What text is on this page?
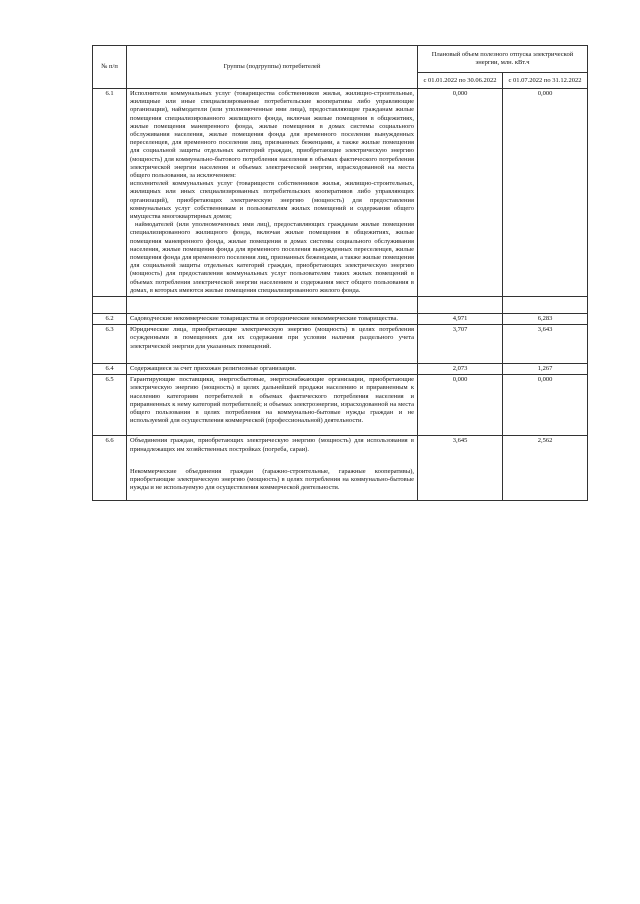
№ п/п	Группы (подгруппы) потребителей	Плановый объем полезного отпуска электрической энергии, млн. кВт.ч	
		с 01.01.2022 по 30.06.2022	с 01.07.2022 по 31.12.2022
6.1	Исполнители коммунальных услуг (товарищества собственников жилья, жилищно-строительные, жилищные или иные специализированные потребительские кооперативы либо управляющие организации), наймодатели (или уполномоченные ими лица), предоставляющие гражданам жилые помещения специализированного жилищного фонда, включая жилые помещения в общежитиях, жилые помещения маневренного фонда, жилые помещения в домах системы социального обслуживания населения, жилые помещения фонда для временного поселения вынужденных переселенцев, для временного поселения лиц, признанных беженцами, а также жилые помещения для социальной защиты отдельных категорий граждан, приобретающие электрическую энергию (мощность) для коммунально-бытового потребления населения в объемах фактического потребления электрической энергии населения и объемах электрической энергии, израсходованной на места общего пользования, за исключением:

исполнителей коммунальных услуг (товариществ собственников жилья, жилищно-строительных, жилищных или иных специализированных потребительских кооперативов либо управляющих организаций), приобретающих электрическую энергию (мощность) для предоставления коммунальных услуг собственникам и пользователям жилых помещений и содержания общего имущества многоквартирных домов;

наймодателей (или уполномоченных ими лиц), предоставляющих гражданам жилые помещения специализированного жилищного фонда, включая жилые помещения в общежитиях, жилые помещения маневренного фонда, жилые помещения в домах системы социального обслуживания населения, жилые помещения фонда для временного поселения вынужденных переселенцев, жилые помещения фонда для временного поселения лиц, признанных беженцами, а также жилые помещения для социальной защиты отдельных категорий граждан, приобретающих электрическую энергию (мощность) для предоставления коммунальных услуг пользователям таких жилых помещений в объемах потребления электрической энергии населением и содержания мест общего пользования в домах, в которых имеются жилые помещения специализированного жилого фонда.	0,000	0,000

6.2	Садоводческие некоммерческие товарищества и огороднические некоммерческие товарищества.	4,971	6,283
6.3	Юридические лица, приобретающие электрическую энергию (мощность) в целях потребления осужденными в помещениях для их содержания при условии наличия раздельного учета электрической энергии для указанных помещений.	3,707	3,643
6.4	Содержащиеся за счет прихожан религиозные организации.	2,073	1,267
6.5	Гарантирующие поставщики, энергосбытовые, энергоснабжающие организации, приобретающие электрическую энергию (мощность) в целях дальнейшей продажи населению и приравненным к населению категориям потребителей в объемах фактического потребления населения и приравненных к нему категорий потребителей; и объемах электроэнергии, израсходованной на места общего пользования в целях потребления на коммунально-бытовые нужды граждан и не используемой для осуществления коммерческой (профессиональной) деятельности.	0,000	0,000
6.6	Объединения граждан, приобретающих электрическую энергию (мощность) для использования в принадлежащих им хозяйственных постройках (погреба, сараи).

Некоммерческие объединения граждан (гаражно-строительные, гаражные кооперативы), приобретающие электрическую энергию (мощность) в целях потребления на коммунально-бытовые нужды и не используемую для осуществления коммерческой деятельности.	3,645	2,562
